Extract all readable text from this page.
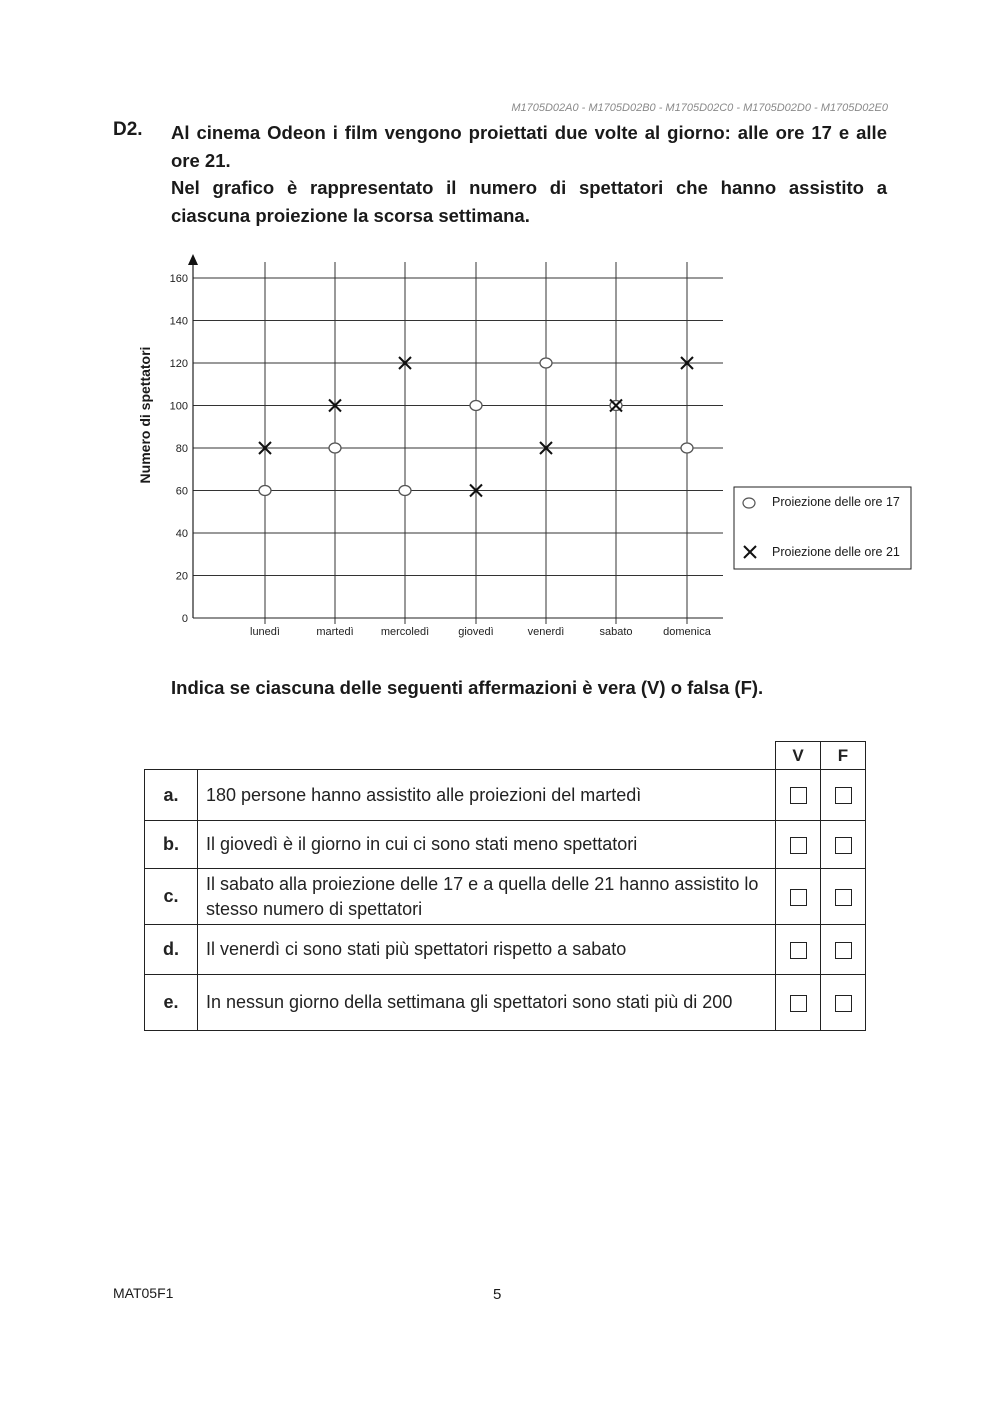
M1705D02A0 - M1705D02B0 - M1705D02C0 - M1705D02D0 - M1705D02E0
D2. Al cinema Odeon i film vengono proiettati due volte al giorno: alle ore 17 e alle ore 21.

Nel grafico è rappresentato il numero di spettatori che hanno assistito a ciascuna proiezione la scorsa settimana.

0
20
40
60
80
100
120
140
160
lunedì	martedì mercoledì	giovedì	venerdì	sabato	domenica
Numero di spettatori
Proiezione delle ore 17
Proiezione delle ore 21
Indica se ciascuna delle seguenti affermazioni è vera (V) o falsa (F).
		V	F
a.	180 persone hanno assistito alle proiezioni del martedì		
b.	Il giovedì è il giorno in cui ci sono stati meno spettatori		
c.	Il sabato alla proiezione delle 17 e a quella delle 21 hanno assistito lo stesso numero di spettatori		
d.	Il venerdì ci sono stati più spettatori rispetto a sabato		
e.	In nessun giorno della settimana gli spettatori sono stati più di 200		
MAT05F1	5
